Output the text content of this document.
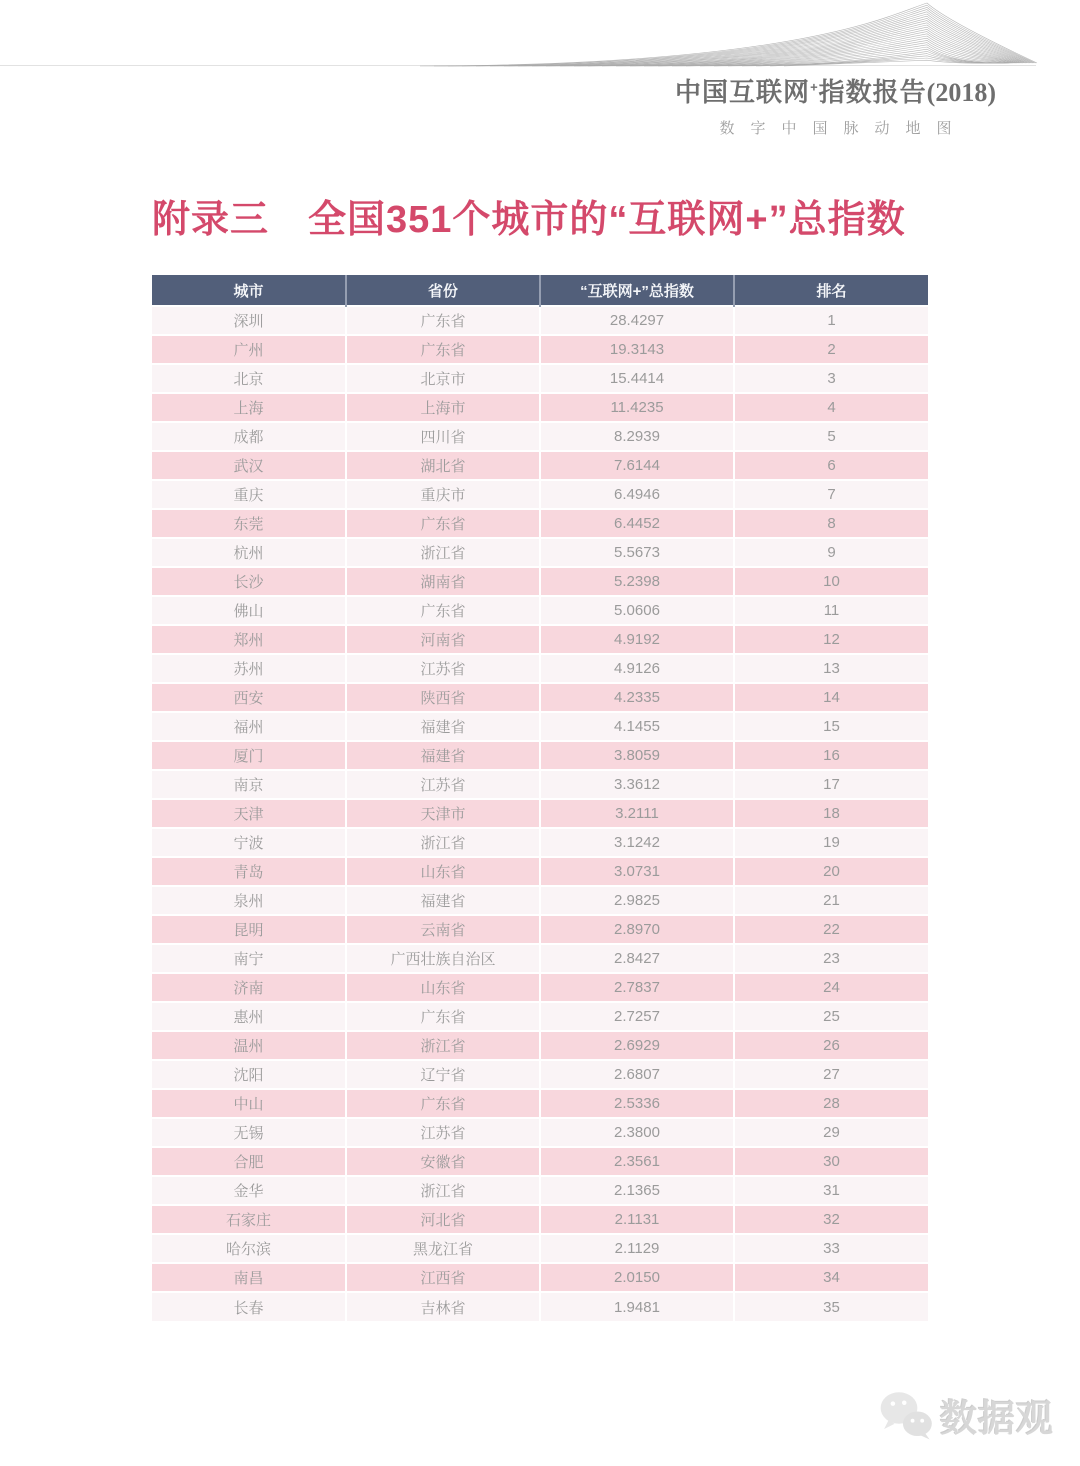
中国互联网+指数报告(2018)
数字中国脉动地图
附录三　全国351个城市的“互联网+”总指数
城市	省份	“互联网+”总指数	排名
深圳	广东省	28.4297	1
广州	广东省	19.3143	2
北京	北京市	15.4414	3
上海	上海市	11.4235	4
成都	四川省	8.2939	5
武汉	湖北省	7.6144	6
重庆	重庆市	6.4946	7
东莞	广东省	6.4452	8
杭州	浙江省	5.5673	9
长沙	湖南省	5.2398	10
佛山	广东省	5.0606	11
郑州	河南省	4.9192	12
苏州	江苏省	4.9126	13
西安	陕西省	4.2335	14
福州	福建省	4.1455	15
厦门	福建省	3.8059	16
南京	江苏省	3.3612	17
天津	天津市	3.2111	18
宁波	浙江省	3.1242	19
青岛	山东省	3.0731	20
泉州	福建省	2.9825	21
昆明	云南省	2.8970	22
南宁	广西壮族自治区	2.8427	23
济南	山东省	2.7837	24
惠州	广东省	2.7257	25
温州	浙江省	2.6929	26
沈阳	辽宁省	2.6807	27
中山	广东省	2.5336	28
无锡	江苏省	2.3800	29
合肥	安徽省	2.3561	30
金华	浙江省	2.1365	31
石家庄	河北省	2.1131	32
哈尔滨	黑龙江省	2.1129	33
南昌	江西省	2.0150	34
长春	吉林省	1.9481	35
数据观
